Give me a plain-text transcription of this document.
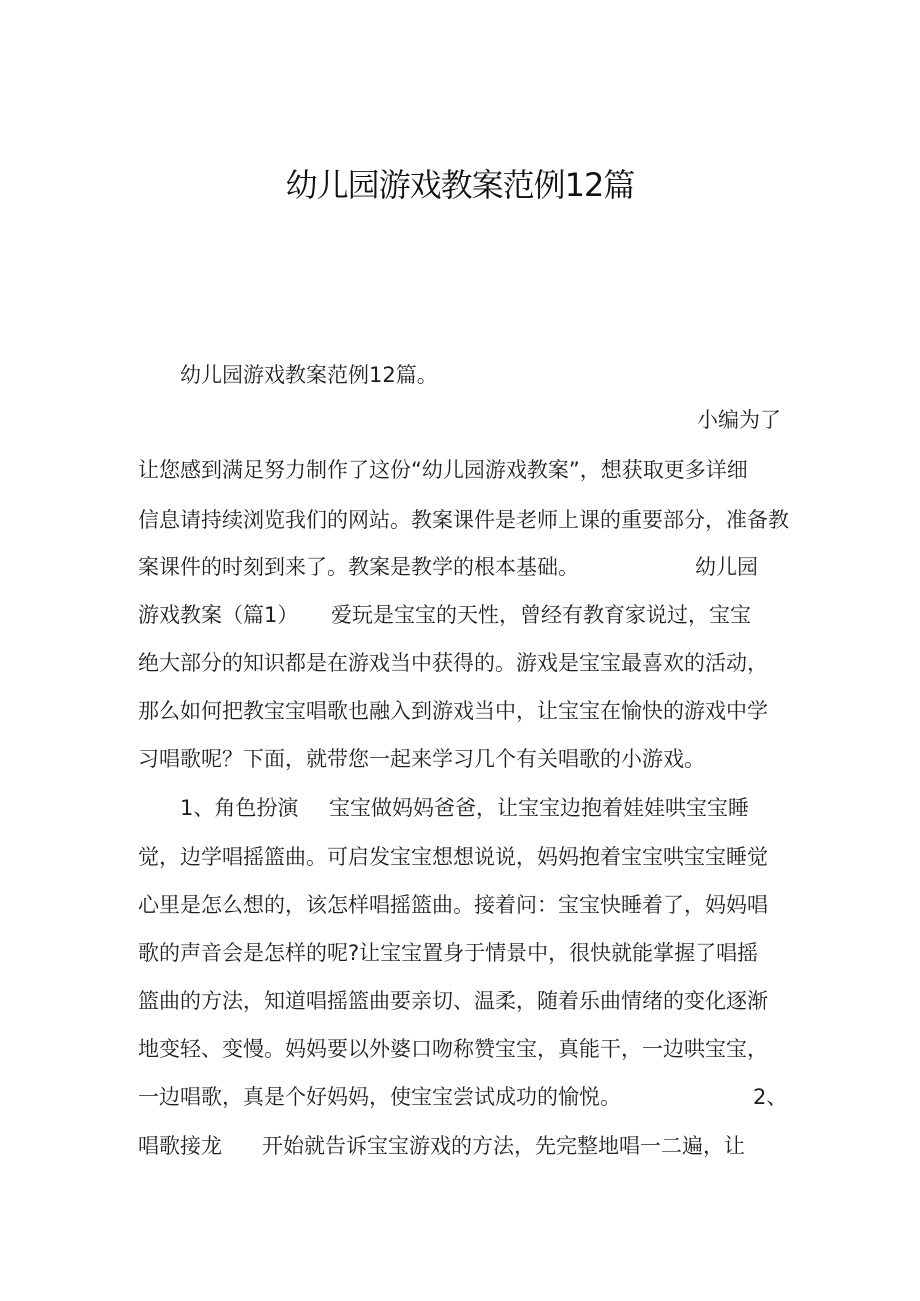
幼儿园游戏教案范例12篇
幼儿园游戏教案范例12篇。
小编为了
让您感到满足努力制作了这份“幼儿园游戏教案”，想获取更多详细
信息请持续浏览我们的网站。教案课件是老师上课的重要部分，准备教
案课件的时刻到来了。教案是教学的根本基础。	幼儿园
游戏教案（篇1） 爱玩是宝宝的天性，曾经有教育家说过，宝宝
绝大部分的知识都是在游戏当中获得的。游戏是宝宝最喜欢的活动，
那么如何把教宝宝唱歌也融入到游戏当中，让宝宝在愉快的游戏中学
习唱歌呢？下面，就带您一起来学习几个有关唱歌的小游戏。
1、角色扮演 宝宝做妈妈爸爸，让宝宝边抱着娃娃哄宝宝睡
觉，边学唱摇篮曲。可启发宝宝想想说说，妈妈抱着宝宝哄宝宝睡觉
心里是怎么想的，该怎样唱摇篮曲。接着问：宝宝快睡着了，妈妈唱
歌的声音会是怎样的呢?让宝宝置身于情景中，很快就能掌握了唱摇
篮曲的方法，知道唱摇篮曲要亲切、温柔，随着乐曲情绪的变化逐渐
地变轻、变慢。妈妈要以外婆口吻称赞宝宝，真能干，一边哄宝宝，
一边唱歌，真是个好妈妈，使宝宝尝试成功的愉悦。	2、
唱歌接龙 开始就告诉宝宝游戏的方法，先完整地唱一二遍，让
